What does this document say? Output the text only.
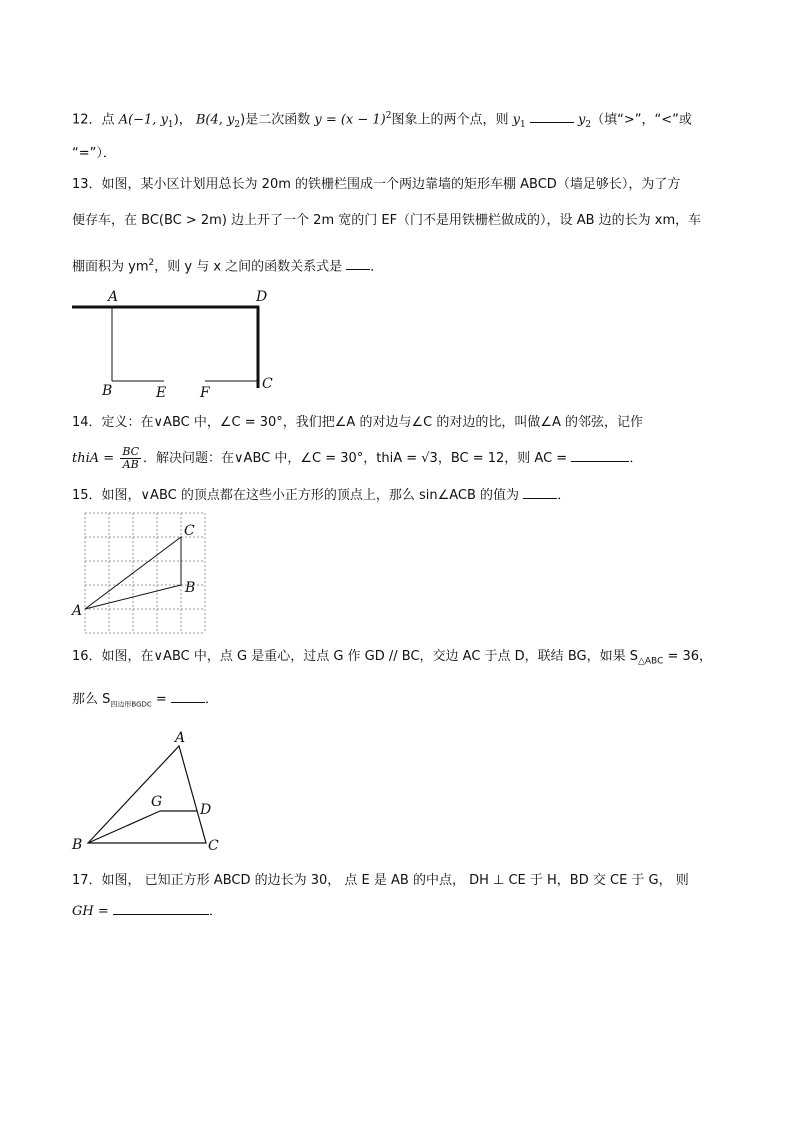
12．点 A(−1, $y_1$)， B(4, $y_2$)是二次函数 $y = (x - 1)^2$图象上的两个点，则 $y_1$	$y_2$（填“>”，“<”或
“=”）．
13．如图，某小区计划用总长为 20m 的铁栅栏围成一个两边靠墙的矩形车棚 ABCD（墙足够长），为了方
便存车，在 BC(BC > 2m) 边上开了一个 2m 宽的门 EF（门不是用铁栅栏做成的），设 AB 边的长为 xm，车
棚面积为 $ym^2$，则 y 与 x 之间的函数关系式是 ．
A	D
B	E F
C
14．定义：在∨ABC 中，∠C = 30°，我们把∠A 的对边与∠C 的对边的比，叫做∠A 的邻弦，记作
thiA = $\frac{BC}{AB}$ ．解决问题：在∨ABC 中，∠C = 30°，thiA = √3，BC = 12，则 AC =	．
15．如图，∨ABC 的顶点都在这些小正方形的顶点上，那么 sin∠ACB 的值为	．
A
B
C
16．如图，在∨ABC 中，点 G 是重心，过点 G 作 GD // BC，交边 AC 于点 D，联结 BG，如果 $S_{\triangle ABC} = 36$，
那么 $S_{四边形BGDC}$ =	．
A
G	D
B	C
17．如图， 已知正方形 ABCD 的边长为 30， 点 E 是 AB 的中点， DH ⊥ CE 于 H，BD 交 CE 于 G， 则
GH =	．
